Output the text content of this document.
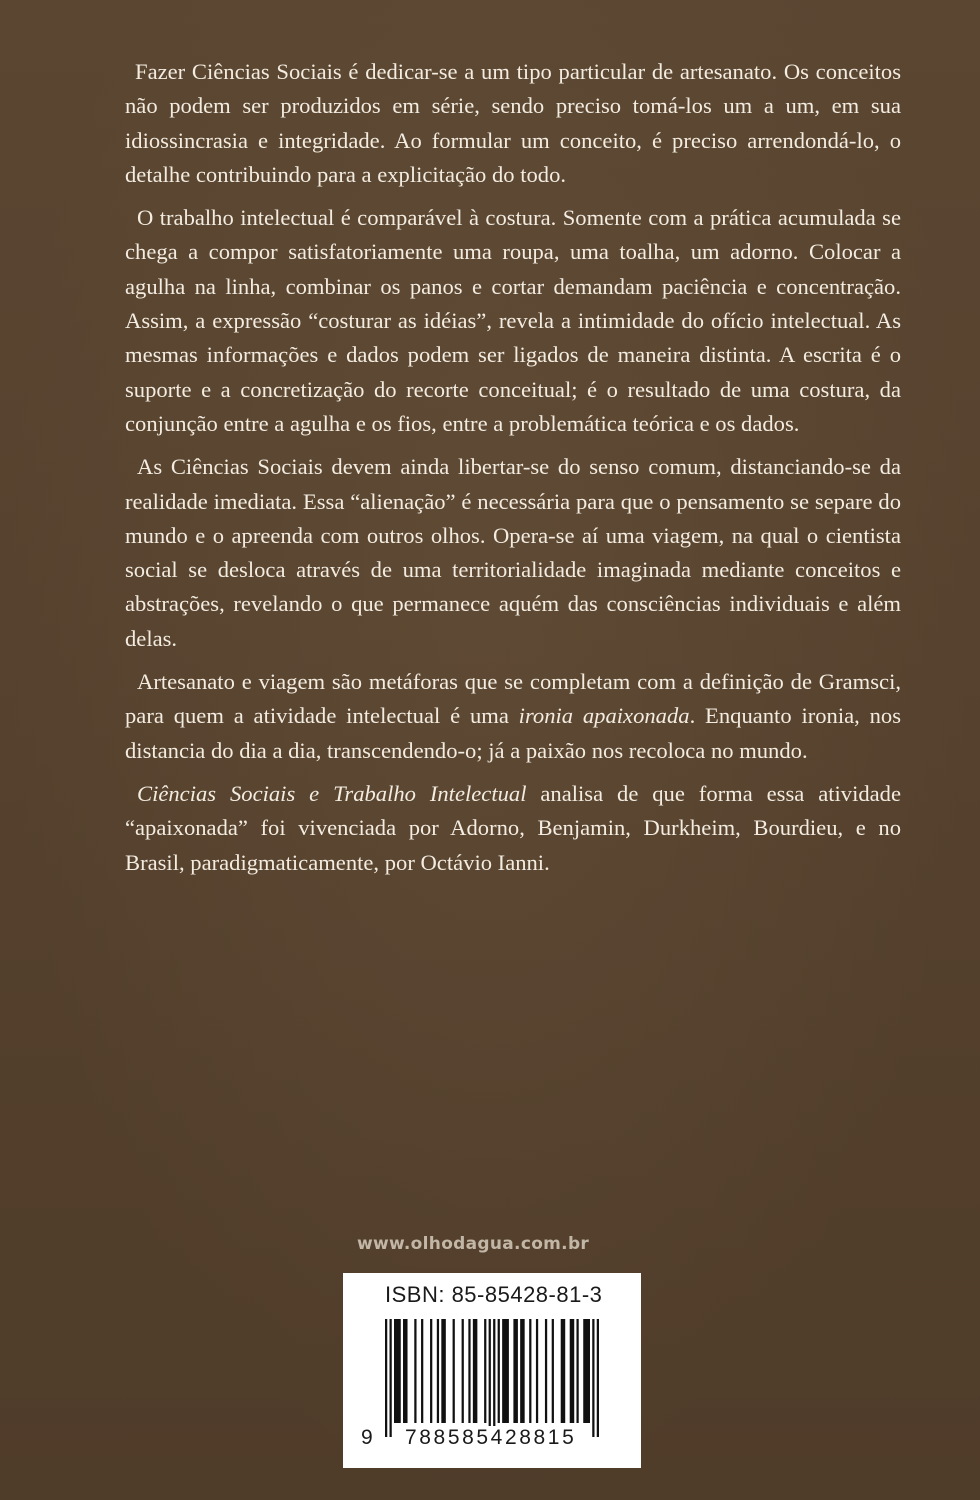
Fazer Ciências Sociais é dedicar-se a um tipo particular de artesanato. Os conceitos não podem ser produzidos em série, sendo preciso tomá-los um a um, em sua idiossincrasia e integridade. Ao formular um conceito, é preciso arrendondá-lo, o detalhe contribuindo para a explicitação do todo.

O trabalho intelectual é comparável à costura. Somente com a prática acumulada se chega a compor satisfatoriamente uma roupa, uma toalha, um adorno. Colocar a agulha na linha, combinar os panos e cortar demandam paciência e concentração. Assim, a expressão “costurar as idéias”, revela a intimidade do ofício intelectual. As mesmas informações e dados podem ser ligados de maneira distinta. A escrita é o suporte e a concretização do recorte conceitual; é o resultado de uma costura, da conjunção entre a agulha e os fios, entre a problemática teórica e os dados.

As Ciências Sociais devem ainda libertar-se do senso comum, distanciando-se da realidade imediata. Essa “alienação” é necessária para que o pensamento se separe do mundo e o apreenda com outros olhos. Opera-se aí uma viagem, na qual o cientista social se desloca através de uma territorialidade imaginada mediante conceitos e abstrações, revelando o que permanece aquém das consciências individuais e além delas.

Artesanato e viagem são metáforas que se completam com a definição de Gramsci, para quem a atividade intelectual é uma ironia apaixonada. Enquanto ironia, nos distancia do dia a dia, transcendendo-o; já a paixão nos recoloca no mundo.

Ciências Sociais e Trabalho Intelectual analisa de que forma essa atividade “apaixonada” foi vivenciada por Adorno, Benjamin, Durkheim, Bourdieu, e no Brasil, paradigmaticamente, por Octávio Ianni.

www.olhodagua.com.br
ISBN: 85-85428-81-3
9 788585428815
